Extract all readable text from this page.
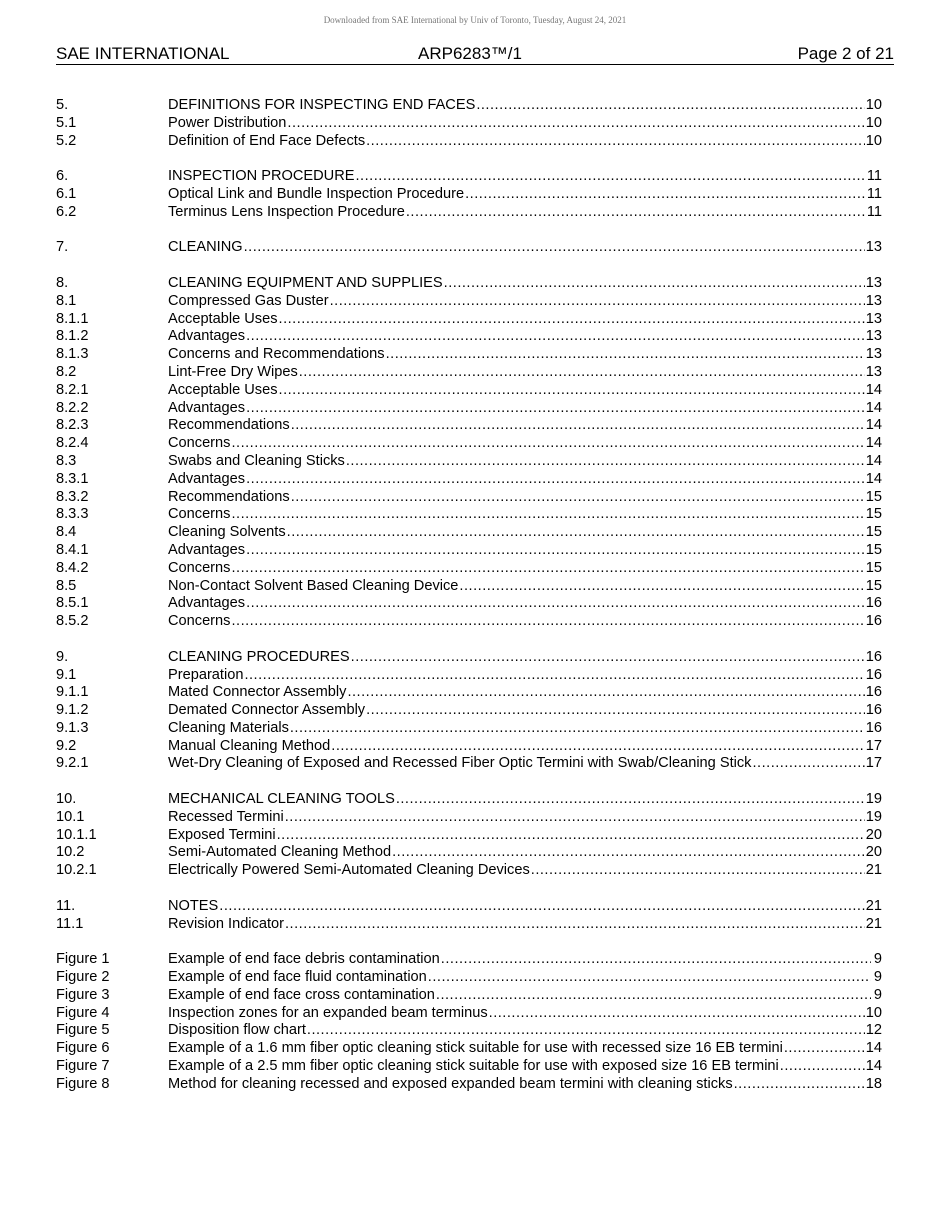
Downloaded from SAE International by Univ of Toronto, Tuesday, August 24, 2021
SAE INTERNATIONAL	ARP6283™/1	Page 2 of 21
5.	DEFINITIONS FOR INSPECTING END FACES .....	10
5.1	Power Distribution .....	10
5.2	Definition of End Face Defects .....	10
6.	INSPECTION PROCEDURE .....	11
6.1	Optical Link and Bundle Inspection Procedure .....	11
6.2	Terminus Lens Inspection Procedure .....	11
7.	CLEANING .....	13
8.	CLEANING EQUIPMENT AND SUPPLIES .....	13
8.1	Compressed Gas Duster .....	13
8.1.1	Acceptable Uses .....	13
8.1.2	Advantages .....	13
8.1.3	Concerns and Recommendations .....	13
8.2	Lint-Free Dry Wipes .....	13
8.2.1	Acceptable Uses .....	14
8.2.2	Advantages .....	14
8.2.3	Recommendations .....	14
8.2.4	Concerns .....	14
8.3	Swabs and Cleaning Sticks .....	14
8.3.1	Advantages .....	14
8.3.2	Recommendations .....	15
8.3.3	Concerns .....	15
8.4	Cleaning Solvents .....	15
8.4.1	Advantages .....	15
8.4.2	Concerns .....	15
8.5	Non-Contact Solvent Based Cleaning Device .....	15
8.5.1	Advantages .....	16
8.5.2	Concerns .....	16
9.	CLEANING PROCEDURES .....	16
9.1	Preparation .....	16
9.1.1	Mated Connector Assembly .....	16
9.1.2	Demated Connector Assembly .....	16
9.1.3	Cleaning Materials .....	16
9.2	Manual Cleaning Method .....	17
9.2.1	Wet-Dry Cleaning of Exposed and Recessed Fiber Optic Termini with Swab/Cleaning Stick .....	17
10.	MECHANICAL CLEANING TOOLS .....	19
10.1	Recessed Termini .....	19
10.1.1	Exposed Termini .....	20
10.2	Semi-Automated Cleaning Method .....	20
10.2.1	Electrically Powered Semi-Automated Cleaning Devices .....	21
11.	NOTES .....	21
11.1	Revision Indicator .....	21
Figure 1	Example of end face debris contamination .....	9
Figure 2	Example of end face fluid contamination .....	9
Figure 3	Example of end face cross contamination .....	9
Figure 4	Inspection zones for an expanded beam terminus .....	10
Figure 5	Disposition flow chart .....	12
Figure 6	Example of a 1.6 mm fiber optic cleaning stick suitable for use with recessed size 16 EB termini .....	14
Figure 7	Example of a 2.5 mm fiber optic cleaning stick suitable for use with exposed size 16 EB termini .....	14
Figure 8	Method for cleaning recessed and exposed expanded beam termini with cleaning sticks .....	18
